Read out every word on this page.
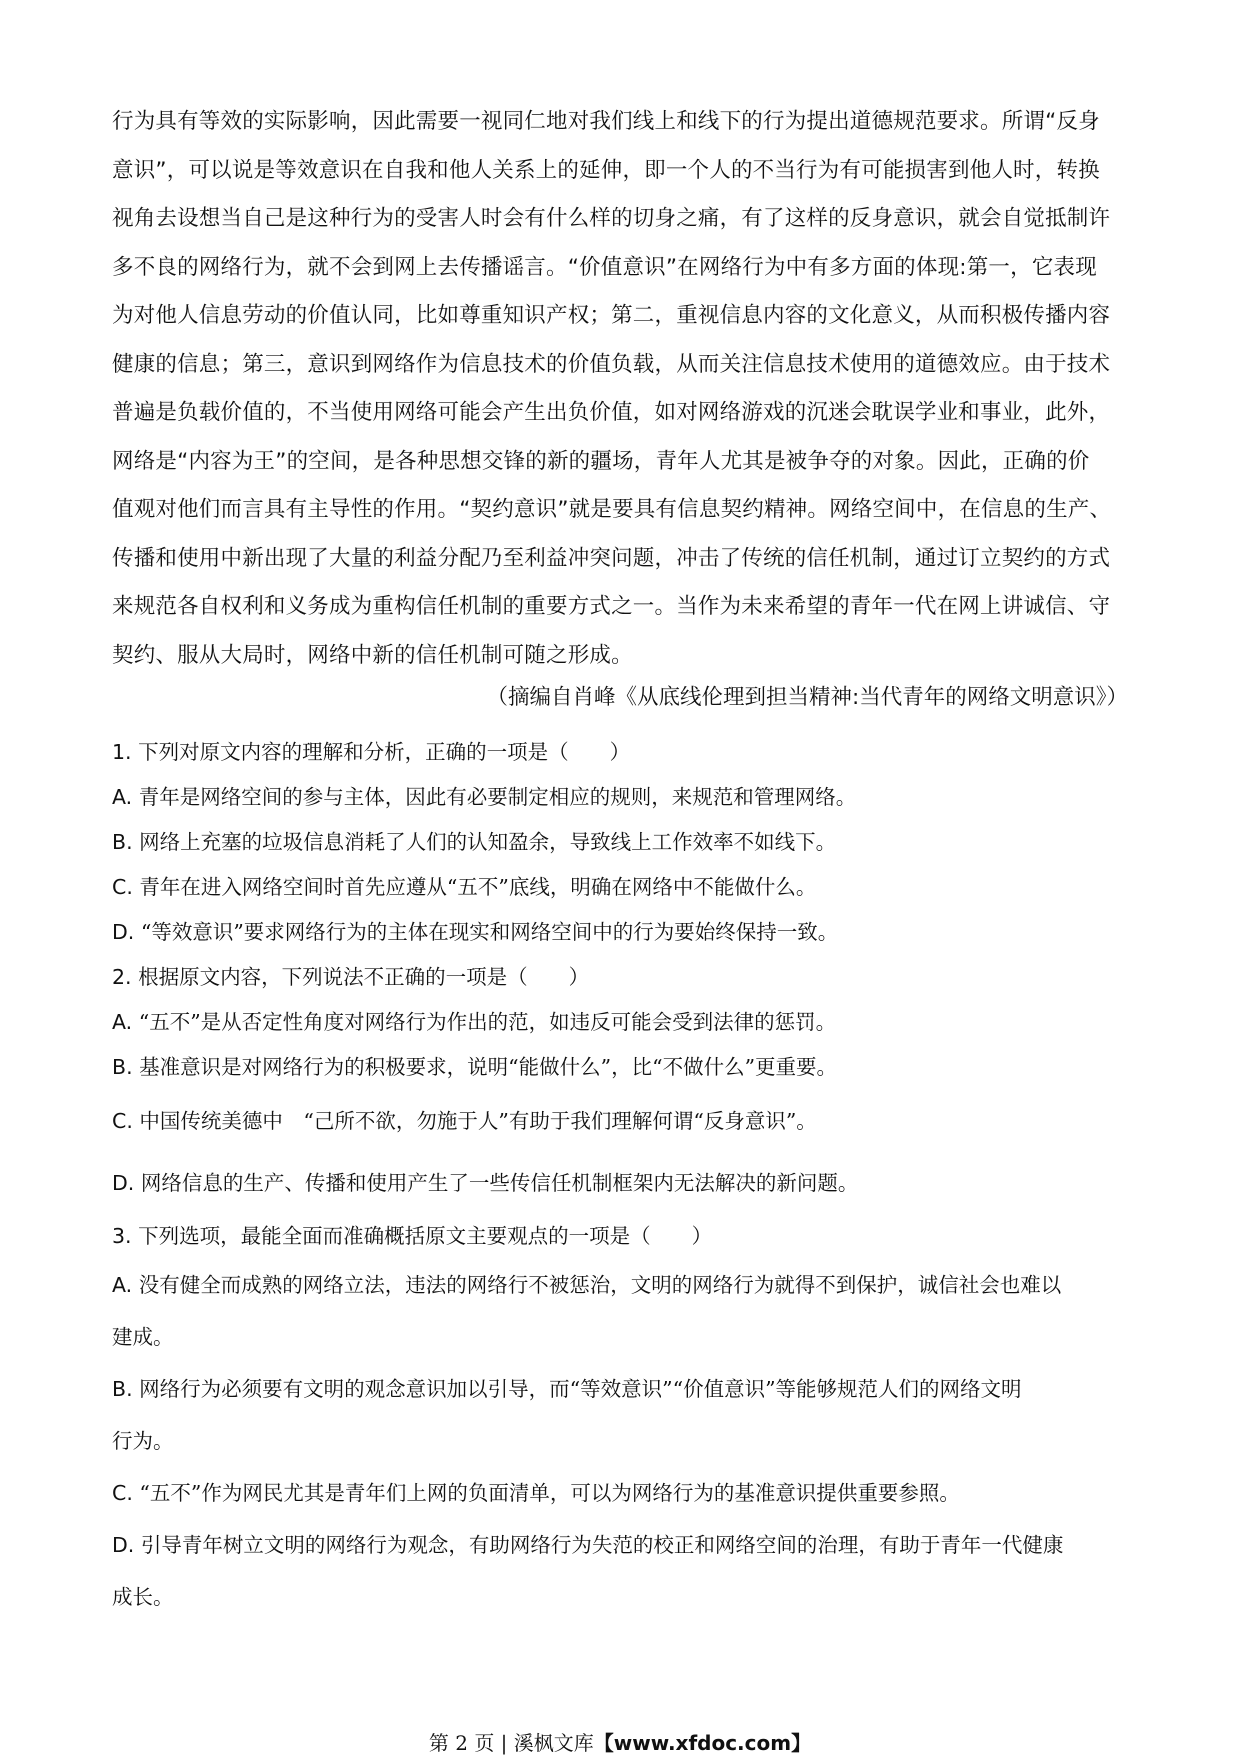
行为具有等效的实际影响，因此需要一视同仁地对我们线上和线下的行为提出道德规范要求。所谓“反身
意识”，可以说是等效意识在自我和他人关系上的延伸，即一个人的不当行为有可能损害到他人时，转换
视角去设想当自己是这种行为的受害人时会有什么样的切身之痛，有了这样的反身意识，就会自觉抵制许
多不良的网络行为，就不会到网上去传播谣言。“价值意识”在网络行为中有多方面的体现:第一，它表现
为对他人信息劳动的价值认同，比如尊重知识产权；第二，重视信息内容的文化意义，从而积极传播内容
健康的信息；第三，意识到网络作为信息技术的价值负载，从而关注信息技术使用的道德效应。由于技术
普遍是负载价值的，不当使用网络可能会产生出负价值，如对网络游戏的沉迷会耽误学业和事业，此外，
网络是“内容为王”的空间，是各种思想交锋的新的疆场，青年人尤其是被争夺的对象。因此，正确的价
值观对他们而言具有主导性的作用。“契约意识”就是要具有信息契约精神。网络空间中，在信息的生产、
传播和使用中新出现了大量的利益分配乃至利益冲突问题，冲击了传统的信任机制，通过订立契约的方式
来规范各自权利和义务成为重构信任机制的重要方式之一。当作为未来希望的青年一代在网上讲诚信、守
契约、服从大局时，网络中新的信任机制可随之形成。
（摘编自肖峰《从底线伦理到担当精神:当代青年的网络文明意识》）
1. 下列对原文内容的理解和分析，正确的一项是（　　）
A. 青年是网络空间的参与主体，因此有必要制定相应的规则，来规范和管理网络。
B. 网络上充塞的垃圾信息消耗了人们的认知盈余，导致线上工作效率不如线下。
C. 青年在进入网络空间时首先应遵从“五不”底线，明确在网络中不能做什么。
D. “等效意识”要求网络行为的主体在现实和网络空间中的行为要始终保持一致。
2. 根据原文内容，下列说法不正确的一项是（　　）
A. “五不”是从否定性角度对网络行为作出的范，如违反可能会受到法律的惩罚。
B. 基准意识是对网络行为的积极要求，说明“能做什么”，比“不做什么”更重要。
C. 中国传统美德中　“己所不欲，勿施于人”有助于我们理解何谓“反身意识”。
D. 网络信息的生产、传播和使用产生了一些传信任机制框架内无法解决的新问题。
3. 下列选项，最能全面而准确概括原文主要观点的一项是（　　）
A. 没有健全而成熟的网络立法，违法的网络行不被惩治，文明的网络行为就得不到保护，诚信社会也难以
建成。
B. 网络行为必须要有文明的观念意识加以引导，而“等效意识”“价值意识”等能够规范人们的网络文明
行为。
C. “五不”作为网民尤其是青年们上网的负面清单，可以为网络行为的基准意识提供重要参照。
D. 引导青年树立文明的网络行为观念，有助网络行为失范的校正和网络空间的治理，有助于青年一代健康
成长。
第 2 页 | 溪枫文库【www.xfdoc.com】
